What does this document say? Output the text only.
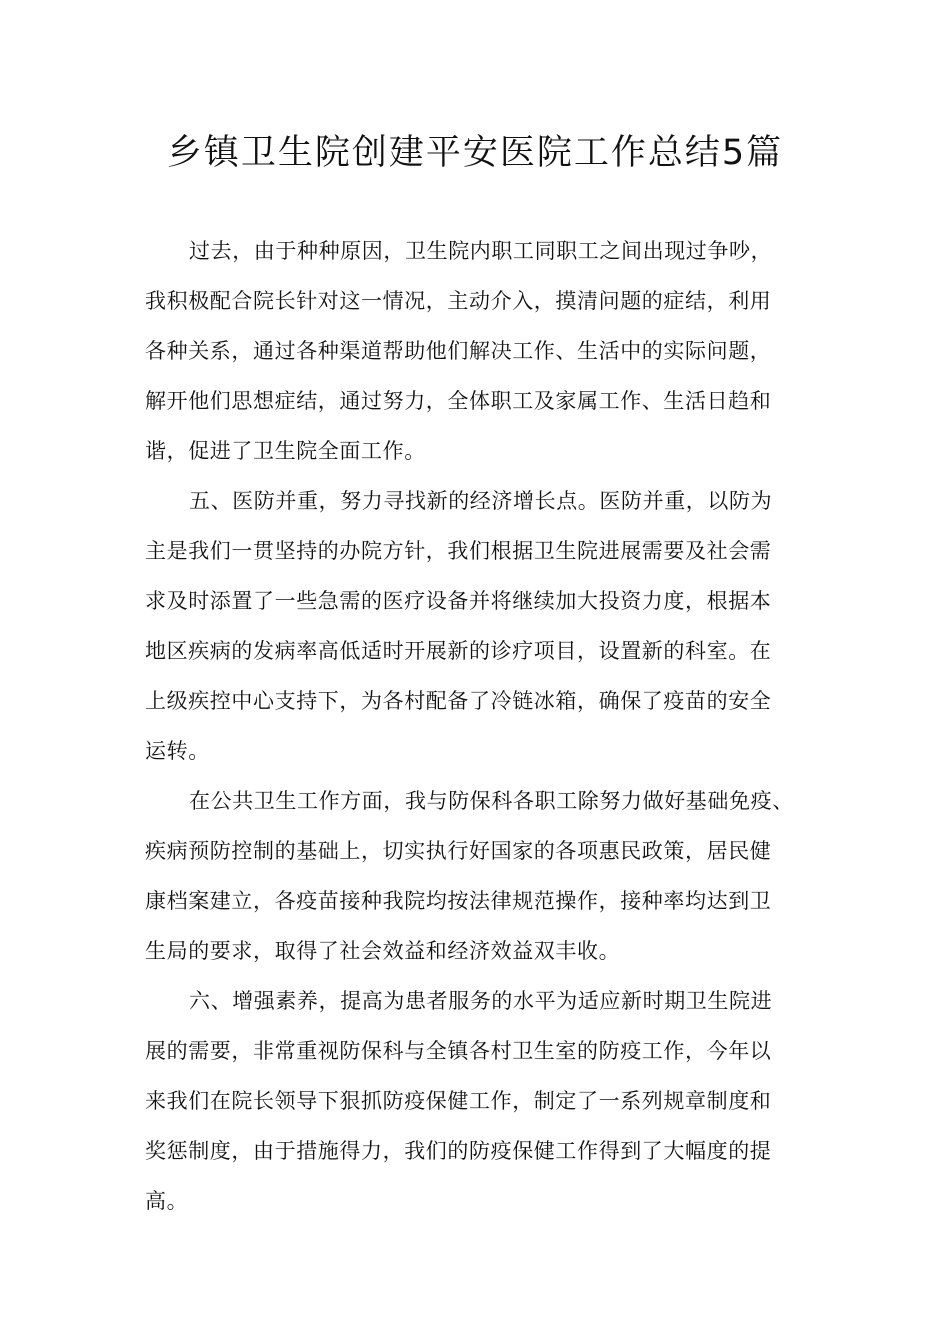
乡镇卫生院创建平安医院工作总结5篇
过去，由于种种原因，卫生院内职工同职工之间出现过争吵，
我积极配合院长针对这一情况，主动介入，摸清问题的症结，利用
各种关系，通过各种渠道帮助他们解决工作、生活中的实际问题，
解开他们思想症结，通过努力，全体职工及家属工作、生活日趋和
谐，促进了卫生院全面工作。
五、医防并重，努力寻找新的经济增长点。医防并重，以防为
主是我们一贯坚持的办院方针，我们根据卫生院进展需要及社会需
求及时添置了一些急需的医疗设备并将继续加大投资力度，根据本
地区疾病的发病率高低适时开展新的诊疗项目，设置新的科室。在
上级疾控中心支持下，为各村配备了冷链冰箱，确保了疫苗的安全
运转。
在公共卫生工作方面，我与防保科各职工除努力做好基础免疫、
疾病预防控制的基础上，切实执行好国家的各项惠民政策，居民健
康档案建立，各疫苗接种我院均按法律规范操作，接种率均达到卫
生局的要求，取得了社会效益和经济效益双丰收。
六、增强素养，提高为患者服务的水平为适应新时期卫生院进
展的需要，非常重视防保科与全镇各村卫生室的防疫工作，今年以
来我们在院长领导下狠抓防疫保健工作，制定了一系列规章制度和
奖惩制度，由于措施得力，我们的防疫保健工作得到了大幅度的提
高。
